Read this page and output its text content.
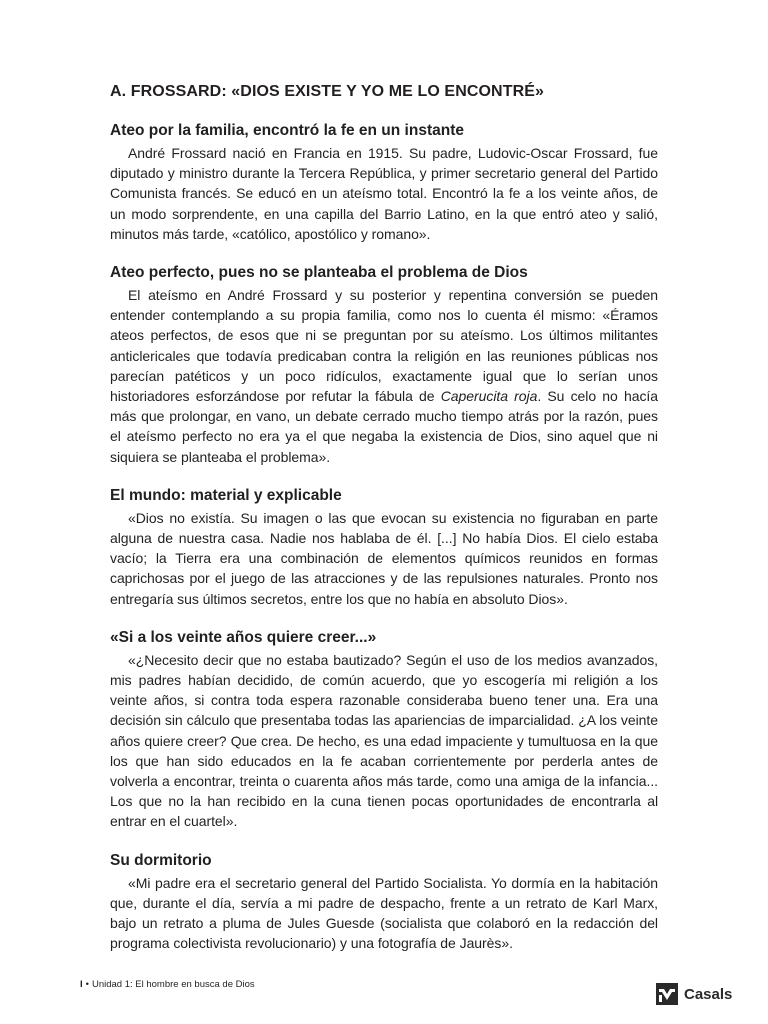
A. FROSSARD: «DIOS EXISTE Y YO ME LO ENCONTRÉ»
Ateo por la familia, encontró la fe en un instante

André Frossard nació en Francia en 1915. Su padre, Ludovic-Oscar Frossard, fue diputado y ministro durante la Tercera República, y primer secretario general del Partido Comunista francés. Se educó en un ateísmo total. Encontró la fe a los veinte años, de un modo sorprendente, en una capilla del Barrio Latino, en la que entró ateo y salió, minutos más tarde, «católico, apostólico y romano».

Ateo perfecto, pues no se planteaba el problema de Dios

El ateísmo en André Frossard y su posterior y repentina conversión se pueden entender contemplando a su propia familia, como nos lo cuenta él mismo: «Éramos ateos perfectos, de esos que ni se preguntan por su ateísmo. Los últimos militantes anticlericales que todavía predicaban contra la religión en las reuniones públicas nos parecían patéticos y un poco ridículos, exactamente igual que lo serían unos historiadores esforzándose por refutar la fábula de Caperucita roja. Su celo no hacía más que prolongar, en vano, un debate cerrado mucho tiempo atrás por la razón, pues el ateísmo perfecto no era ya el que negaba la existencia de Dios, sino aquel que ni siquiera se planteaba el problema».

El mundo: material y explicable

«Dios no existía. Su imagen o las que evocan su existencia no figuraban en parte alguna de nuestra casa. Nadie nos hablaba de él. [...] No había Dios. El cielo estaba vacío; la Tierra era una combinación de elementos químicos reunidos en formas caprichosas por el juego de las atracciones y de las repulsiones naturales. Pronto nos entregaría sus últimos secretos, entre los que no había en absoluto Dios».

«Si a los veinte años quiere creer...»

«¿Necesito decir que no estaba bautizado? Según el uso de los medios avanzados, mis padres habían decidido, de común acuerdo, que yo escogería mi religión a los veinte años, si contra toda espera razonable consideraba bueno tener una. Era una decisión sin cálculo que presentaba todas las apariencias de imparcialidad. ¿A los veinte años quiere creer? Que crea. De hecho, es una edad impaciente y tumultuosa en la que los que han sido educados en la fe acaban corrientemente por perderla antes de volverla a encontrar, treinta o cuarenta años más tarde, como una amiga de la infancia... Los que no la han recibido en la cuna tienen pocas oportunidades de encontrarla al entrar en el cuartel».

Su dormitorio

«Mi padre era el secretario general del Partido Socialista. Yo dormía en la habitación que, durante el día, servía a mi padre de despacho, frente a un retrato de Karl Marx, bajo un retrato a pluma de Jules Guesde (socialista que colaboró en la redacción del programa colectivista revolucionario) y una fotografía de Jaurès».

I • Unidad 1: El hombre en busca de Dios
Casals
